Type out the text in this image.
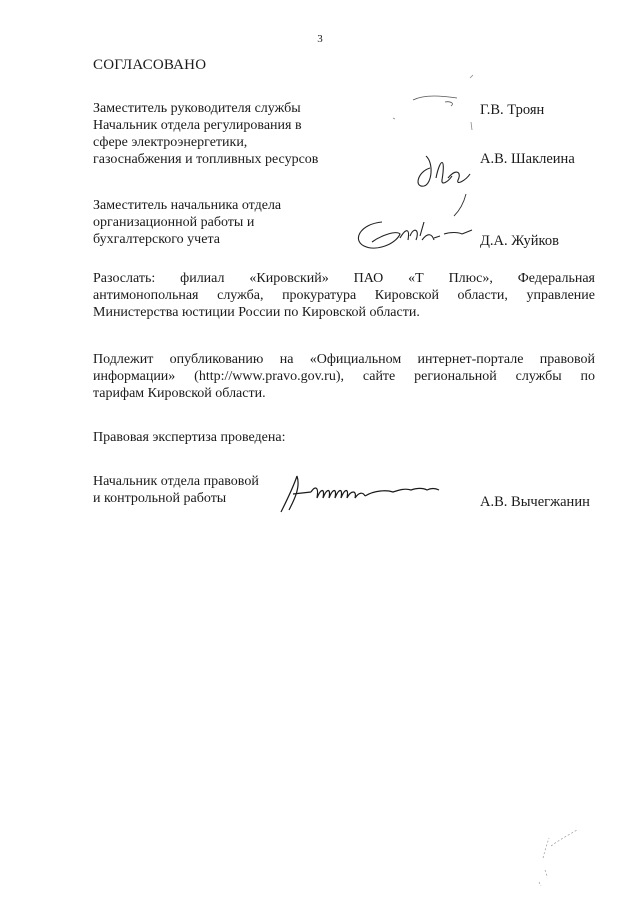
3
СОГЛАСОВАНО
Заместитель руководителя службы
Начальник отдела регулирования в
сфере электроэнергетики,
газоснабжения и топливных ресурсов
Г.В. Троян
А.В. Шаклеина
Заместитель начальника отдела
организационной работы и
бухгалтерского учета	Д.А. Жуйков
Разослать: филиал «Кировский» ПАО «Т Плюс», Федеральная
антимонопольная служба, прокуратура Кировской области, управление
Министерства юстиции России по Кировской области.
Подлежит опубликованию на «Официальном интернет-портале правовой
информации» (http://www.pravo.gov.ru), сайте региональной службы по
тарифам Кировской области.
Правовая экспертиза проведена:
Начальник отдела правовой
и контрольной работы	А.В. Вычегжанин
